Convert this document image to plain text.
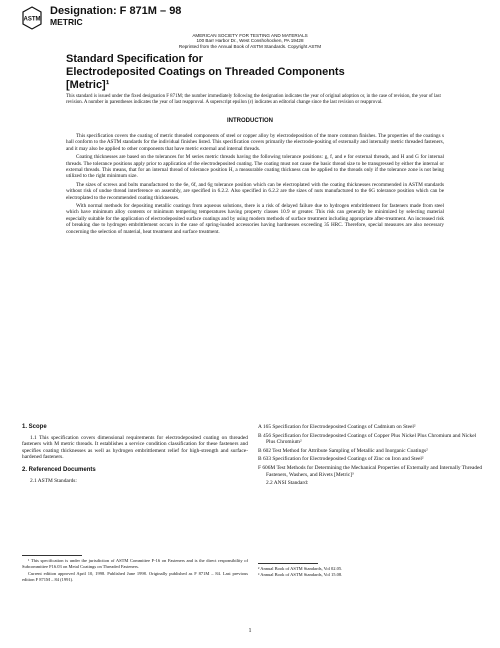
ASTM
Designation: F 871M – 98
METRIC
AMERICAN SOCIETY FOR TESTING AND MATERIALS
100 Barr Harbor Dr., West Conshohocken, PA 19428
Reprinted from the Annual Book of ASTM Standards. Copyright ASTM
Standard Specification for
Electrodeposited Coatings on Threaded Components
[Metric]¹
This standard is issued under the fixed designation F 871M; the number immediately following the designation indicates the year of original adoption or, in the case of revision, the year of last revision. A number in parentheses indicates the year of last reapproval. A superscript epsilon (ε) indicates an editorial change since the last revision or reapproval.
INTRODUCTION

This specification covers the coating of metric threaded components of steel or copper alloy by electrodeposition of the more common finishes. The properties of the coatings s hall conform to the ASTM standards for the individual finishes listed. This specification covers primarily the electrode-positing of externally and internally metric threaded fasteners, and it may also be applied to other components that have metric external and internal threads.

Coating thicknesses are based on the tolerances for M series metric threads having the following tolerance positions: g, f, and e for external threads, and H and G for internal threads. The tolerance positions apply prior to application of the electrodeposited coating. The coating must not cause the basic thread size to be transgressed by either the internal or external threads. This means, that for an internal thread of tolerance position H, a measurable coating thickness can be applied to the threads only if the tolerance zone is not being utilized to the right minimum size.

The sizes of screws and bolts manufactured to the 6e, 6f, and 6g tolerance position which can be electroplated with the coating thicknesses recommended in ASTM standards without risk of undue thread interference on assembly, are specified in 6.2.2. Also specified in 6.2.2 are the sizes of nuts manufactured to the 6G tolerance position which can be electroplated to the recommended coating thicknesses.

With normal methods for depositing metallic coatings from aqueous solutions, there is a risk of delayed failure due to hydrogen embrittlement for fasteners made from steel which have minimum alloy contents or minimum tempering temperatures having property classes 10.9 or greater. This risk can generally be minimized by selecting material especially suitable for the application of electrodeposited surface coatings and by using modern methods of surface treatment including appropriate after-treatment. An increased risk of breaking due to hydrogen embrittlement occurs in the case of spring-loaded accessories having hardnesses exceeding 35 HRC. Therefore, special measures are also necessary concerning the selection of material, heat treatment and surface treatment.

1. Scope

1.1 This specification covers dimensional requirements for electrodeposited coating on threaded fasteners with M metric threads. It establishes a service condition classification for these fasteners and specifies coating thicknesses as well as hydrogen embrittlement relief for high-strength and surface-hardened fasteners.

2. Referenced Documents
2.1 ASTM Standards:
A 165 Specification for Electrodeposited Coatings of Cadmium on Steel²
B 456 Specification for Electrodeposited Coatings of Copper Plus Nickel Plus Chromium and Nickel Plus Chromium²
B 602 Test Method for Attribute Sampling of Metallic and Inorganic Coatings²
B 633 Specification for Electrodeposited Coatings of Zinc on Iron and Steel²
F 606M Test Methods for Determining the Mechanical Properties of Externally and Internally Threaded Fasteners, Washers, and Rivets [Metric]³
2.2 ANSI Standard:

¹ This specification is under the jurisdiction of ASTM Committee F-16 on Fasteners and is the direct responsibility of Subcommittee F16.03 on Metal Coatings on Threaded Fasteners.

Current edition approved April 10, 1998. Published June 1998. Originally published as F 871M – 84. Last previous edition F 871M – 84 (1991).

² Annual Book of ASTM Standards, Vol 02.05.

³ Annual Book of ASTM Standards, Vol 15.08.

1
